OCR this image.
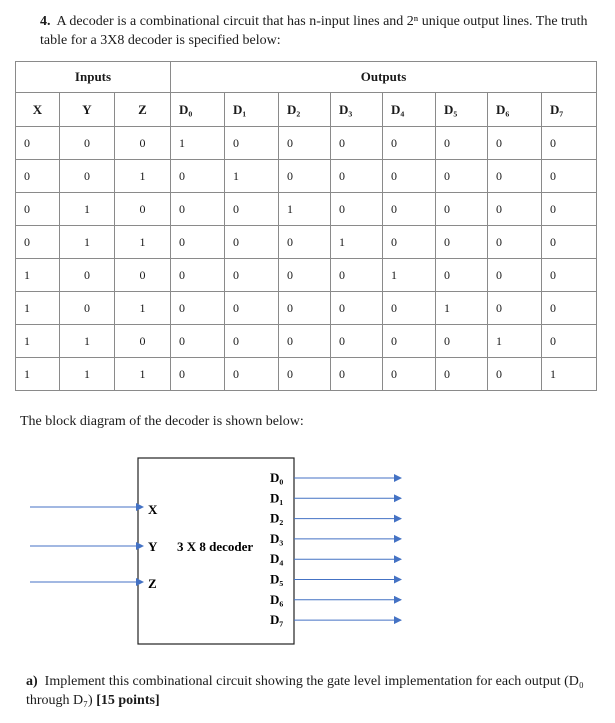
4. A decoder is a combinational circuit that has n-input lines and 2ⁿ unique output lines. The truth table for a 3X8 decoder is specified below:
Inputs			Outputs							
X	Y	Z	D₀	D₁	D₂	D₃	D₄	D₅	D₆	D₇
0	0	0	1	0	0	0	0	0	0	0
0	0	1	0	1	0	0	0	0	0	0
0	1	0	0	0	1	0	0	0	0	0
0	1	1	0	0	0	1	0	0	0	0
1	0	0	0	0	0	0	1	0	0	0
1	0	1	0	0	0	0	0	1	0	0
1	1	0	0	0	0	0	0	0	1	0
1	1	1	0	0	0	0	0	0	0	1
The block diagram of the decoder is shown below:
X
Y
Z
D₀
D₁
D₂
D₃
D₄
D₅
D₆
D₇
3 X 8 decoder
a) Implement this combinational circuit showing the gate level implementation for each output (D₀ through D₇) [15 points]
